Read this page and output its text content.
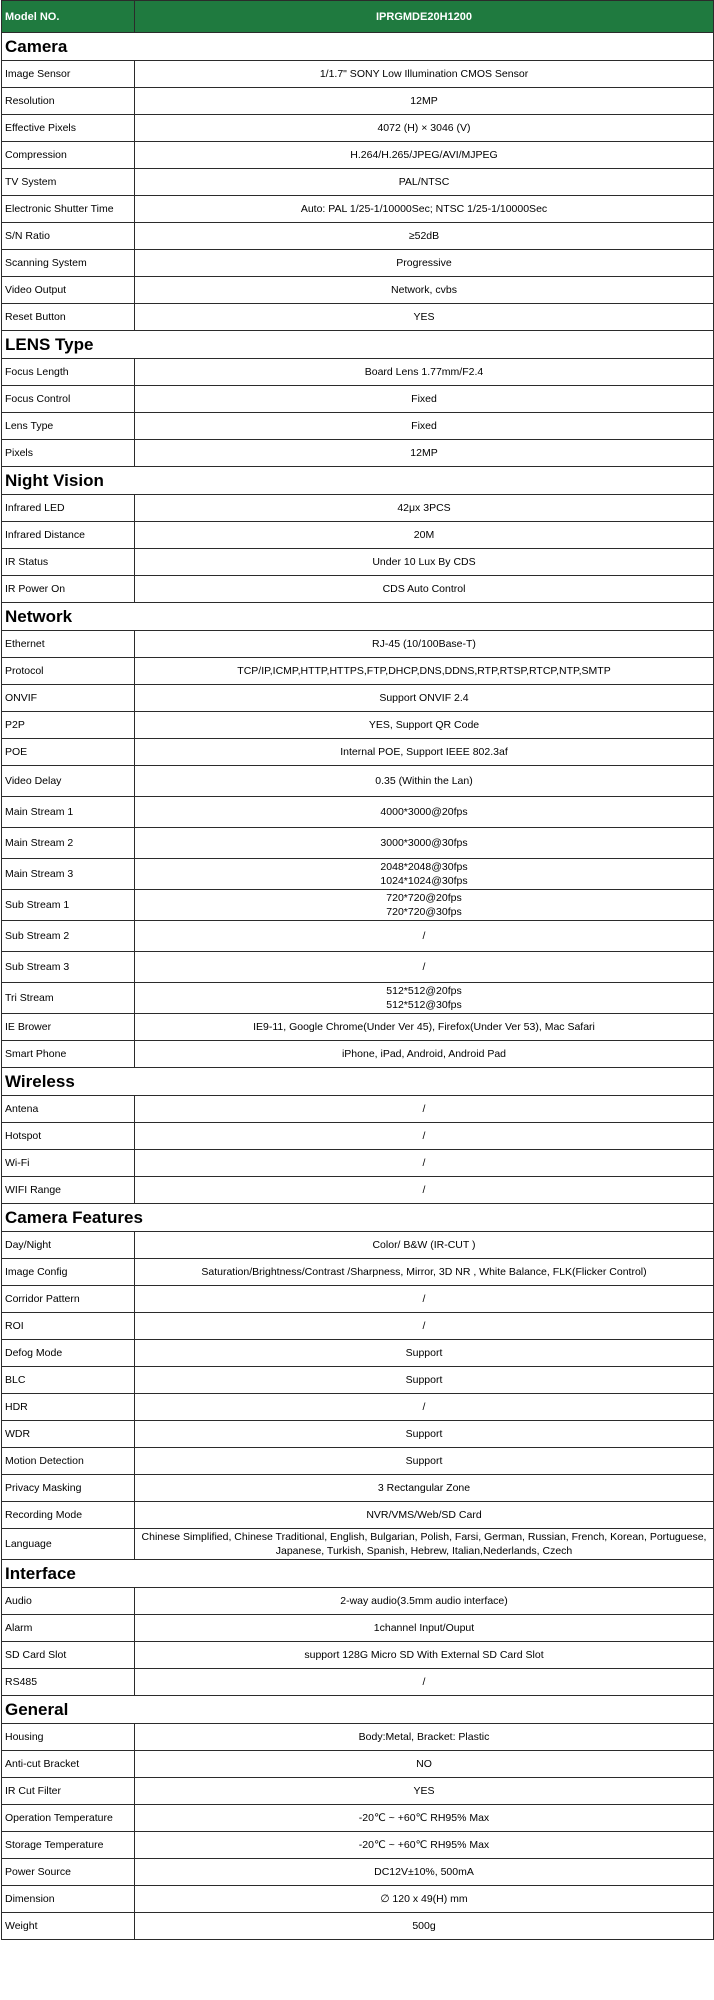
Model NO.	IPRGMDE20H1200
Camera	
Image Sensor	1/1.7" SONY Low Illumination CMOS Sensor

Resolution	12MP

Effective Pixels	4072 (H) × 3046 (V)

Compression	H.264/H.265/JPEG/AVI/MJPEG

TV System	PAL/NTSC

Electronic Shutter Time	Auto: PAL 1/25-1/10000Sec; NTSC 1/25-1/10000Sec

S/N Ratio	≥52dB

Scanning System	Progressive

Video Output	Network, cvbs

Reset Button	YES

LENS Type	
Focus Length	Board Lens 1.77mm/F2.4

Focus Control	Fixed

Lens Type	Fixed

Pixels	12MP

Night Vision	
Infrared LED	42μx 3PCS

Infrared Distance	20M

IR Status	Under 10 Lux By CDS

IR Power On	CDS Auto Control

Network	
Ethernet	RJ-45 (10/100Base-T)

Protocol	TCP/IP,ICMP,HTTP,HTTPS,FTP,DHCP,DNS,DDNS,RTP,RTSP,RTCP,NTP,SMTP

ONVIF	Support ONVIF 2.4

P2P	YES, Support QR Code

POE	Internal POE, Support IEEE 802.3af

Video Delay	0.35 (Within the Lan)

Main Stream 1	4000*3000@20fps

Main Stream 2	3000*3000@30fps

Main Stream 3	2048*2048@30fps
1024*1024@30fps

Sub Stream 1	720*720@20fps
720*720@30fps

Sub Stream 2	/

Sub Stream 3	/

Tri Stream	512*512@20fps
512*512@30fps

IE Brower	IE9-11, Google Chrome(Under Ver 45), Firefox(Under Ver 53), Mac Safari

Smart Phone	iPhone, iPad, Android, Android Pad

Wireless	
Antena	/

Hotspot	/

Wi-Fi	/

WIFI Range	/

Camera Features	
Day/Night	Color/ B&W (IR-CUT )

Image Config	Saturation/Brightness/Contrast /Sharpness, Mirror, 3D NR , White Balance, FLK(Flicker Control)

Corridor Pattern	/

ROI	/

Defog Mode	Support

BLC	Support

HDR	/

WDR	Support

Motion Detection	Support

Privacy Masking	3 Rectangular Zone

Recording Mode	NVR/VMS/Web/SD Card

Language	Chinese Simplified, Chinese Traditional, English, Bulgarian, Polish, Farsi, German, Russian, French, Korean, Portuguese,
Japanese, Turkish, Spanish, Hebrew, Italian,Nederlands, Czech

Interface	
Audio	2-way audio(3.5mm audio interface)

Alarm	1channel Input/Ouput

SD Card Slot	support 128G Micro SD With External SD Card Slot

RS485	/

General	
Housing	Body:Metal, Bracket: Plastic

Anti-cut Bracket	NO

IR Cut Filter	YES

Operation Temperature	-20℃ ~ +60℃ RH95% Max

Storage Temperature	-20℃ ~ +60℃ RH95% Max

Power Source	DC12V±10%, 500mA

Dimension	∅ 120 x 49(H) mm

Weight	500g
